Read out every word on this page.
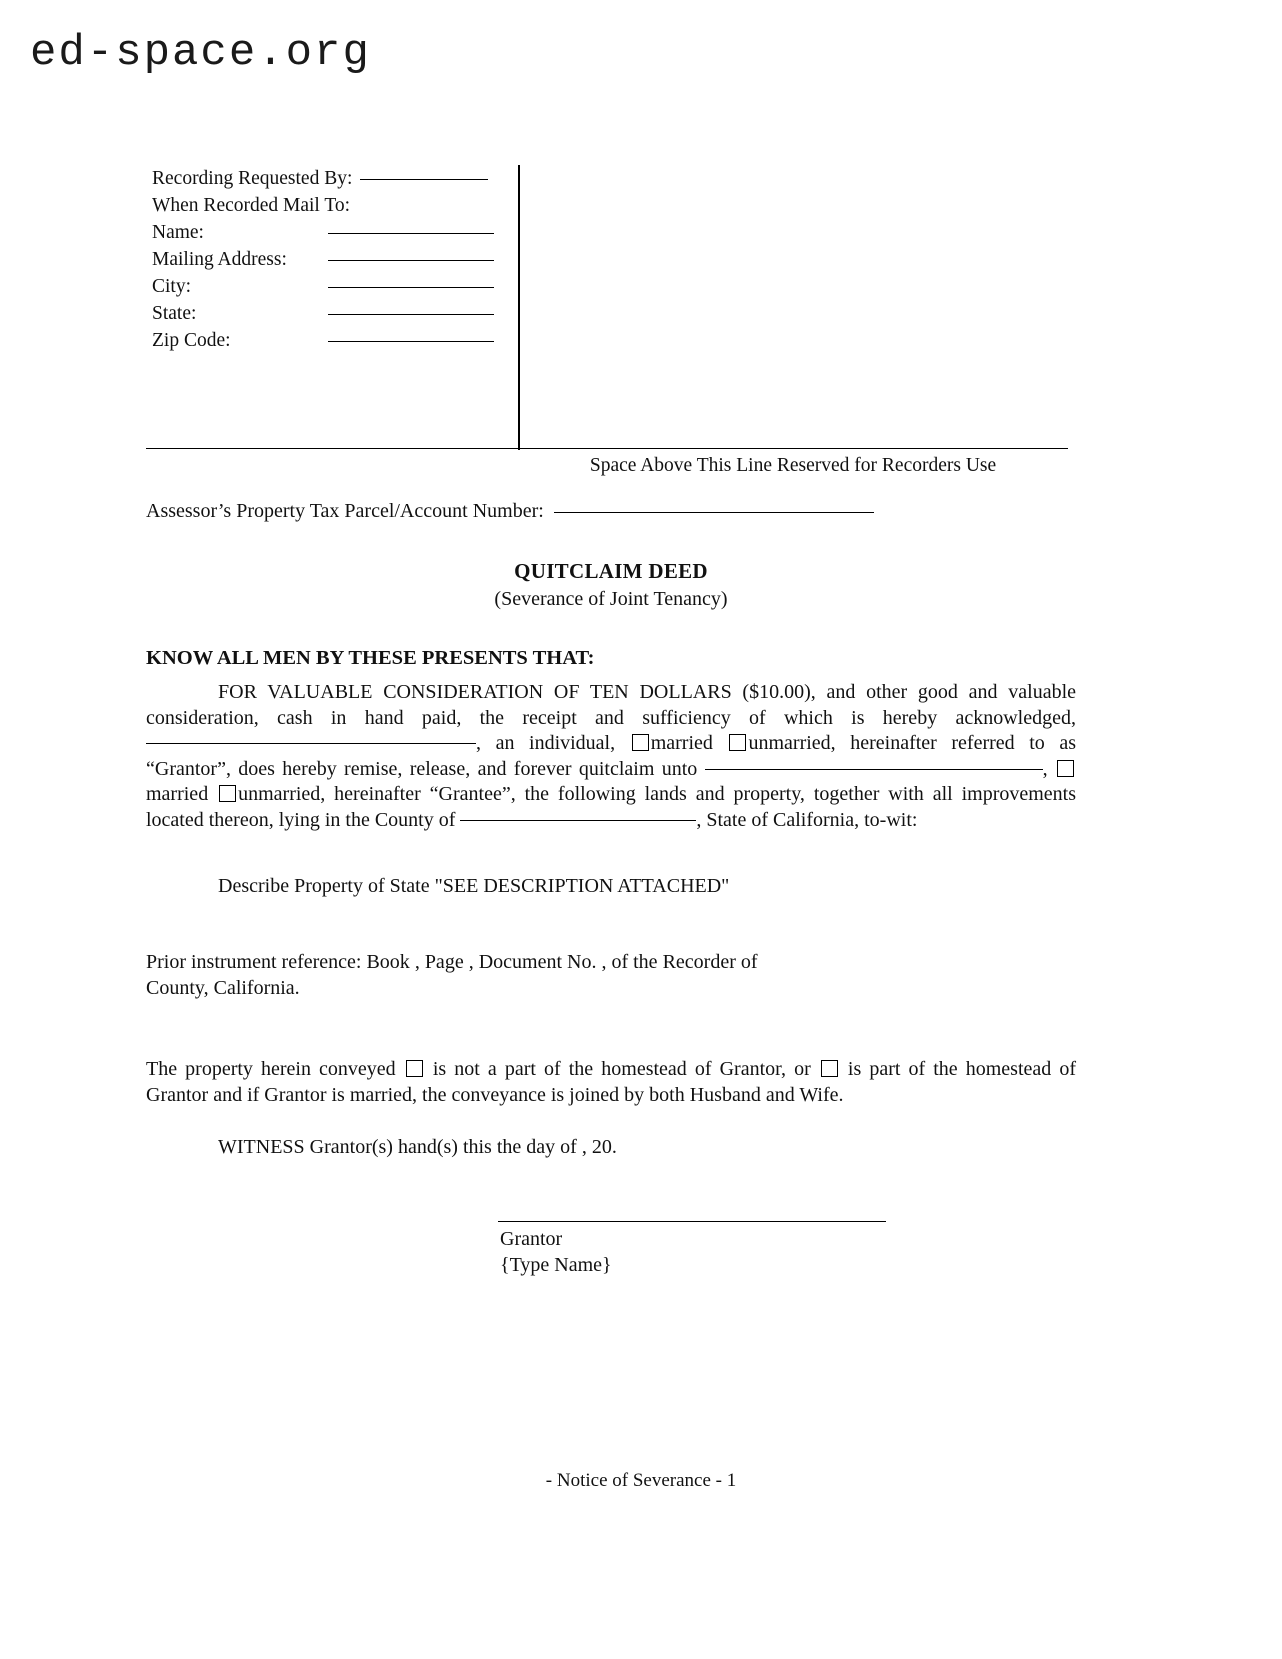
ed-space.org
Recording Requested By:
When Recorded Mail To:
Name:
Mailing Address:
City:
State:
Zip Code:
Space Above This Line Reserved for Recorders Use
Assessor’s Property Tax Parcel/Account Number:
QUITCLAIM DEED
(Severance of Joint Tenancy)
KNOW ALL MEN BY THESE PRESENTS THAT:
FOR VALUABLE CONSIDERATION OF TEN DOLLARS ($10.00), and other good and valuable consideration, cash in hand paid, the receipt and sufficiency of which is hereby acknowledged, , an individual, married unmarried, hereinafter referred to as “Grantor”, does hereby remise, release, and forever quitclaim unto	, married unmarried, hereinafter “Grantee”, the following lands and property, together with all improvements located thereon, lying in the County of	, State of California, to-wit:
Describe Property of State "SEE DESCRIPTION ATTACHED"
Prior instrument reference: Book , Page , Document No. , of the Recorder of
County, California.
The property herein conveyed is not a part of the homestead of Grantor, or is part of the homestead of Grantor and if Grantor is married, the conveyance is joined by both Husband and Wife.
WITNESS Grantor(s) hand(s) this the day of , 20.
Grantor
{Type Name}
- Notice of Severance - 1
